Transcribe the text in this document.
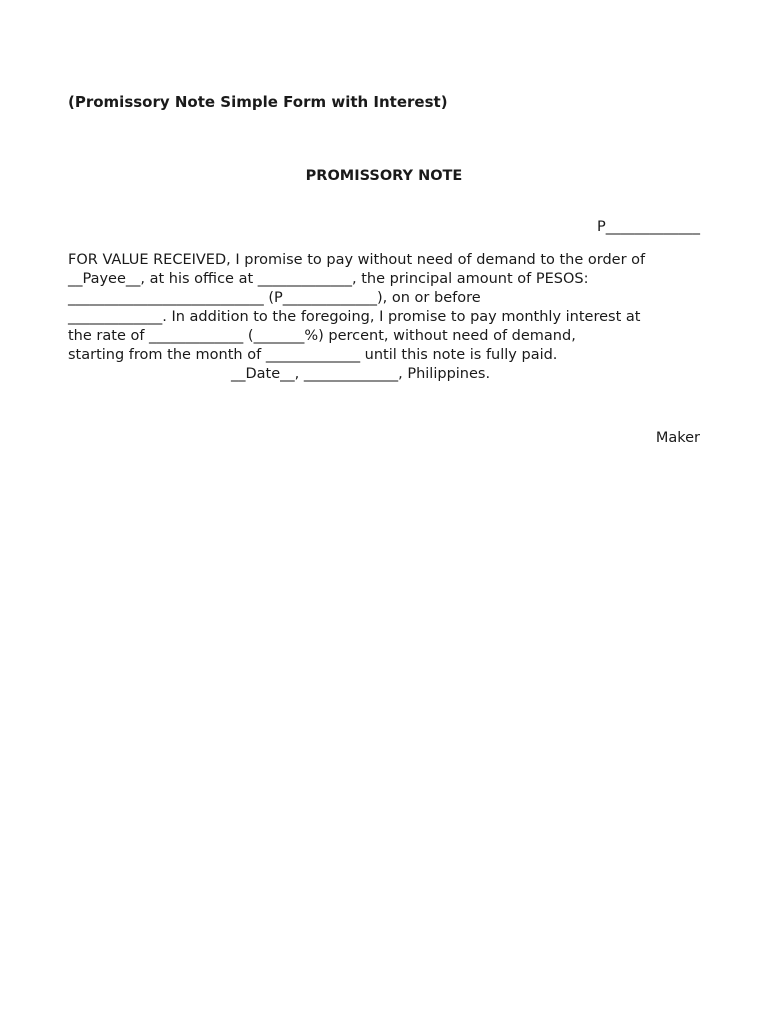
(Promissory Note Simple Form with Interest)
PROMISSORY NOTE
P_____________
FOR VALUE RECEIVED, I promise to pay without need of demand to the order of
__Payee__, at his office at _____________, the principal amount of PESOS:
___________________________ (P_____________), on or before
_____________. In addition to the foregoing, I promise to pay monthly interest at
the rate of _____________ (_______%) percent, without need of demand,
starting from the month of _____________ until this note is fully paid.
__Date__, _____________, Philippines.
Maker
